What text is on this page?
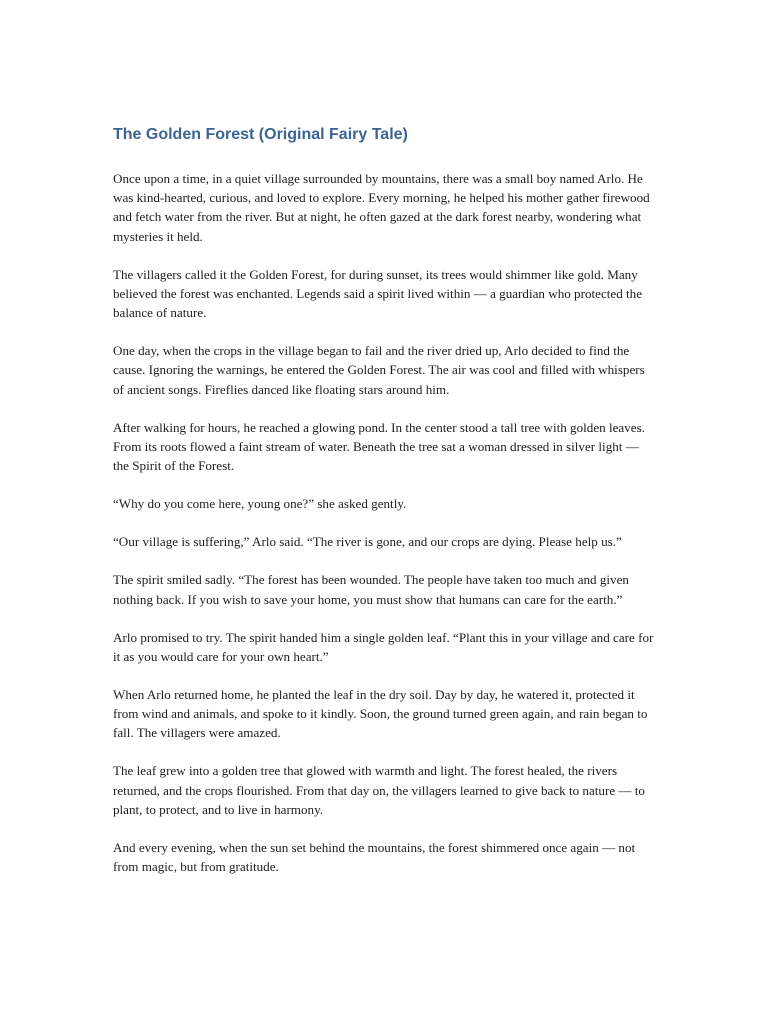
The Golden Forest (Original Fairy Tale)

Once upon a time, in a quiet village surrounded by mountains, there was a small boy named Arlo. He was kind-hearted, curious, and loved to explore. Every morning, he helped his mother gather firewood and fetch water from the river. But at night, he often gazed at the dark forest nearby, wondering what mysteries it held.

The villagers called it the Golden Forest, for during sunset, its trees would shimmer like gold. Many believed the forest was enchanted. Legends said a spirit lived within — a guardian who protected the balance of nature.

One day, when the crops in the village began to fail and the river dried up, Arlo decided to find the cause. Ignoring the warnings, he entered the Golden Forest. The air was cool and filled with whispers of ancient songs. Fireflies danced like floating stars around him.

After walking for hours, he reached a glowing pond. In the center stood a tall tree with golden leaves. From its roots flowed a faint stream of water. Beneath the tree sat a woman dressed in silver light — the Spirit of the Forest.

“Why do you come here, young one?” she asked gently.

“Our village is suffering,” Arlo said. “The river is gone, and our crops are dying. Please help us.”

The spirit smiled sadly. “The forest has been wounded. The people have taken too much and given nothing back. If you wish to save your home, you must show that humans can care for the earth.”

Arlo promised to try. The spirit handed him a single golden leaf. “Plant this in your village and care for it as you would care for your own heart.”

When Arlo returned home, he planted the leaf in the dry soil. Day by day, he watered it, protected it from wind and animals, and spoke to it kindly. Soon, the ground turned green again, and rain began to fall. The villagers were amazed.

The leaf grew into a golden tree that glowed with warmth and light. The forest healed, the rivers returned, and the crops flourished. From that day on, the villagers learned to give back to nature — to plant, to protect, and to live in harmony.

And every evening, when the sun set behind the mountains, the forest shimmered once again — not from magic, but from gratitude.
